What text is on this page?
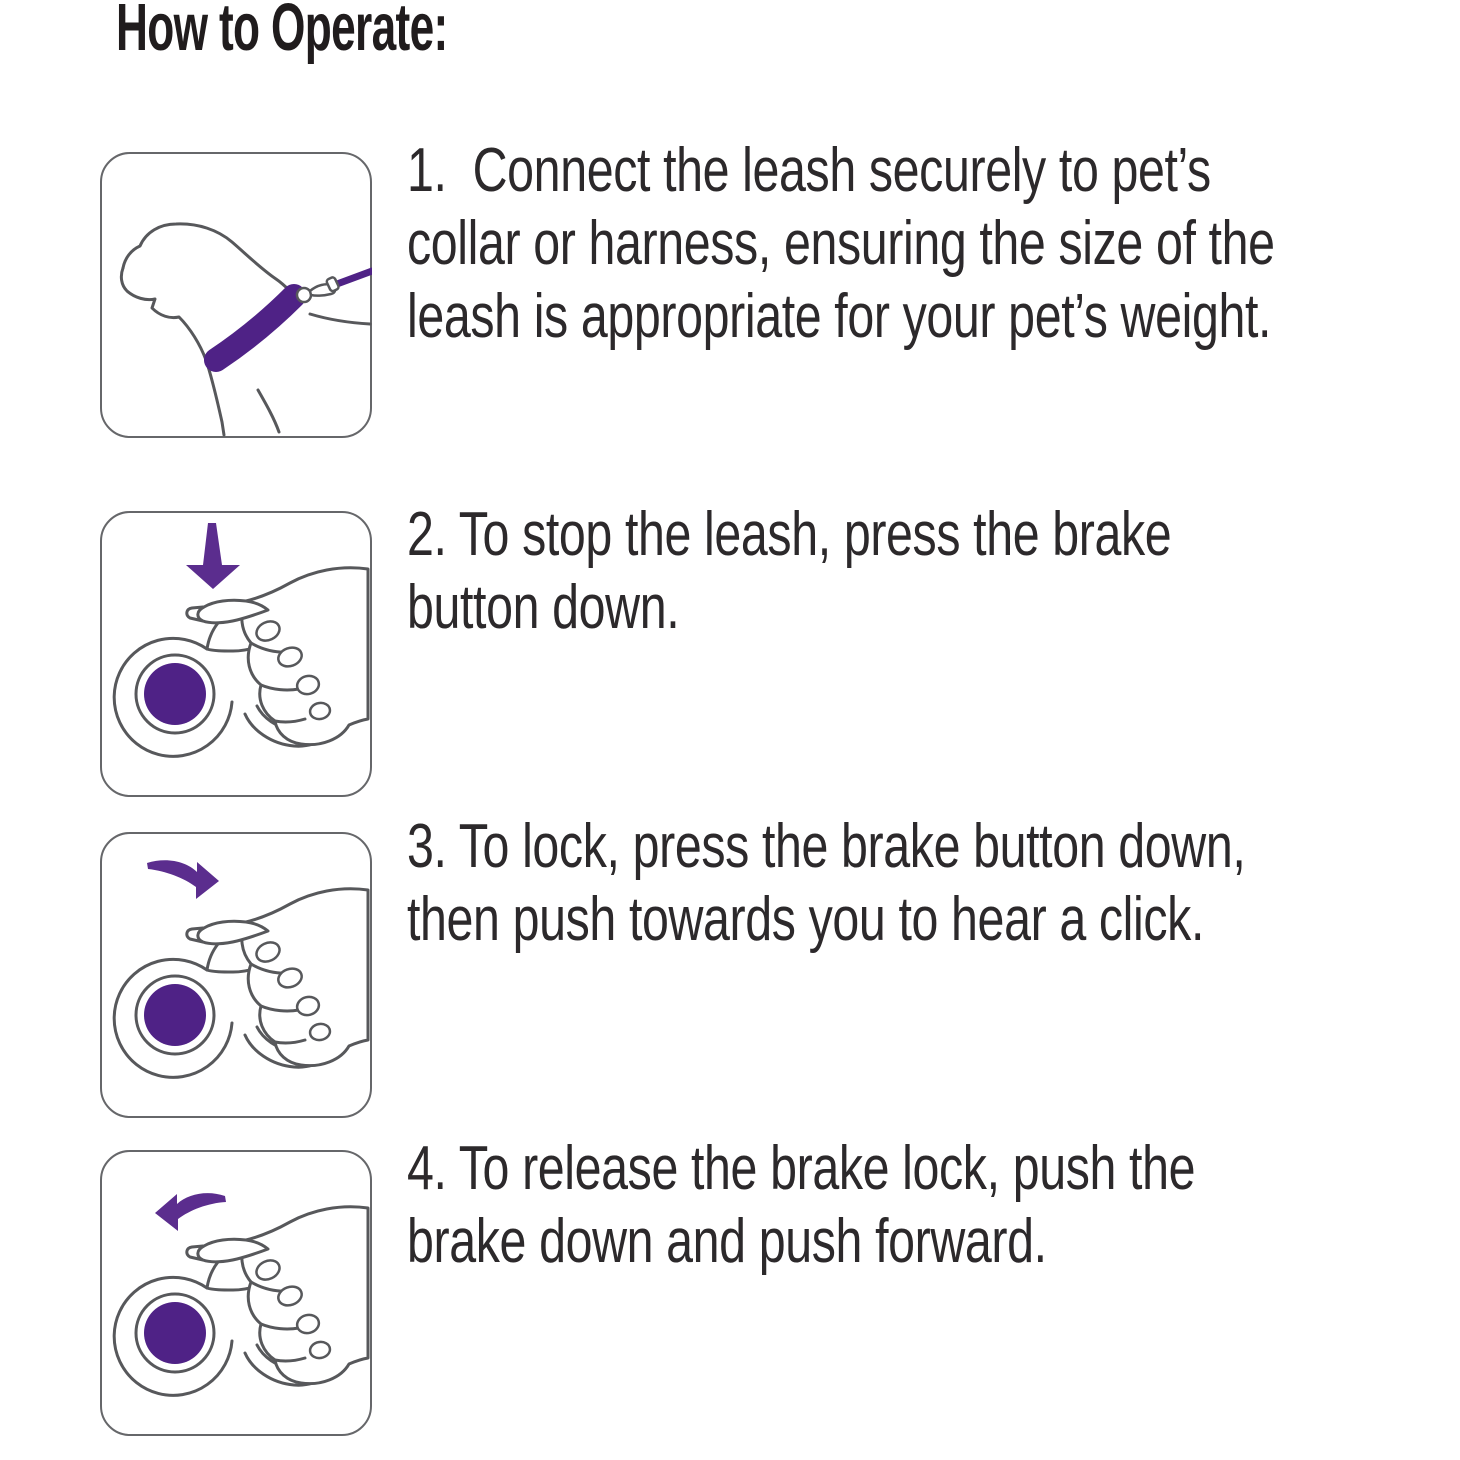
How to Operate:
1.  Connect the leash securely to pet’s
collar or harness, ensuring the size of the
leash is appropriate for your pet’s weight.
2. To stop the leash, press the brake
button down.
3. To lock, press the brake button down,
then push towards you to hear a click.
4. To release the brake lock, push the
brake down and push forward.
